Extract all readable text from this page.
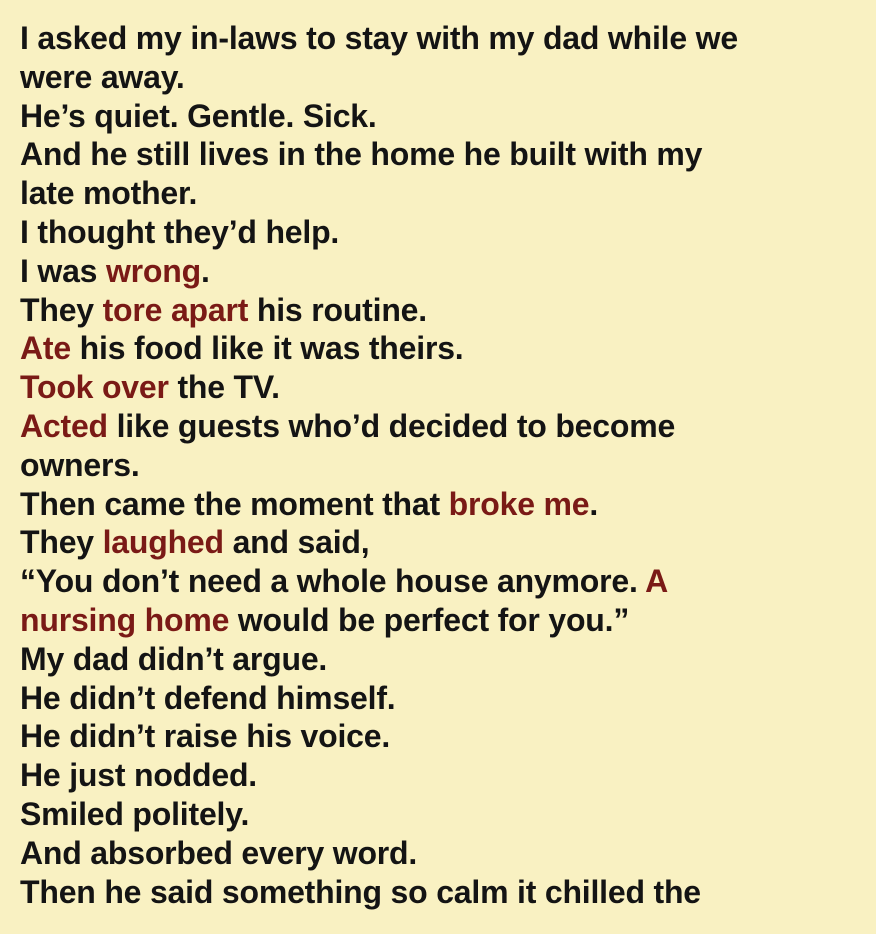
I asked my in-laws to stay with my dad while we
were away.
He’s quiet. Gentle. Sick.
And he still lives in the home he built with my
late mother.
I thought they’d help.
I was wrong.
They tore apart his routine.
Ate his food like it was theirs.
Took over the TV.
Acted like guests who’d decided to become
owners.
Then came the moment that broke me.
They laughed and said,
“You don’t need a whole house anymore. A
nursing home would be perfect for you.”
My dad didn’t argue.
He didn’t defend himself.
He didn’t raise his voice.
He just nodded.
Smiled politely.
And absorbed every word.
Then he said something so calm it chilled the
